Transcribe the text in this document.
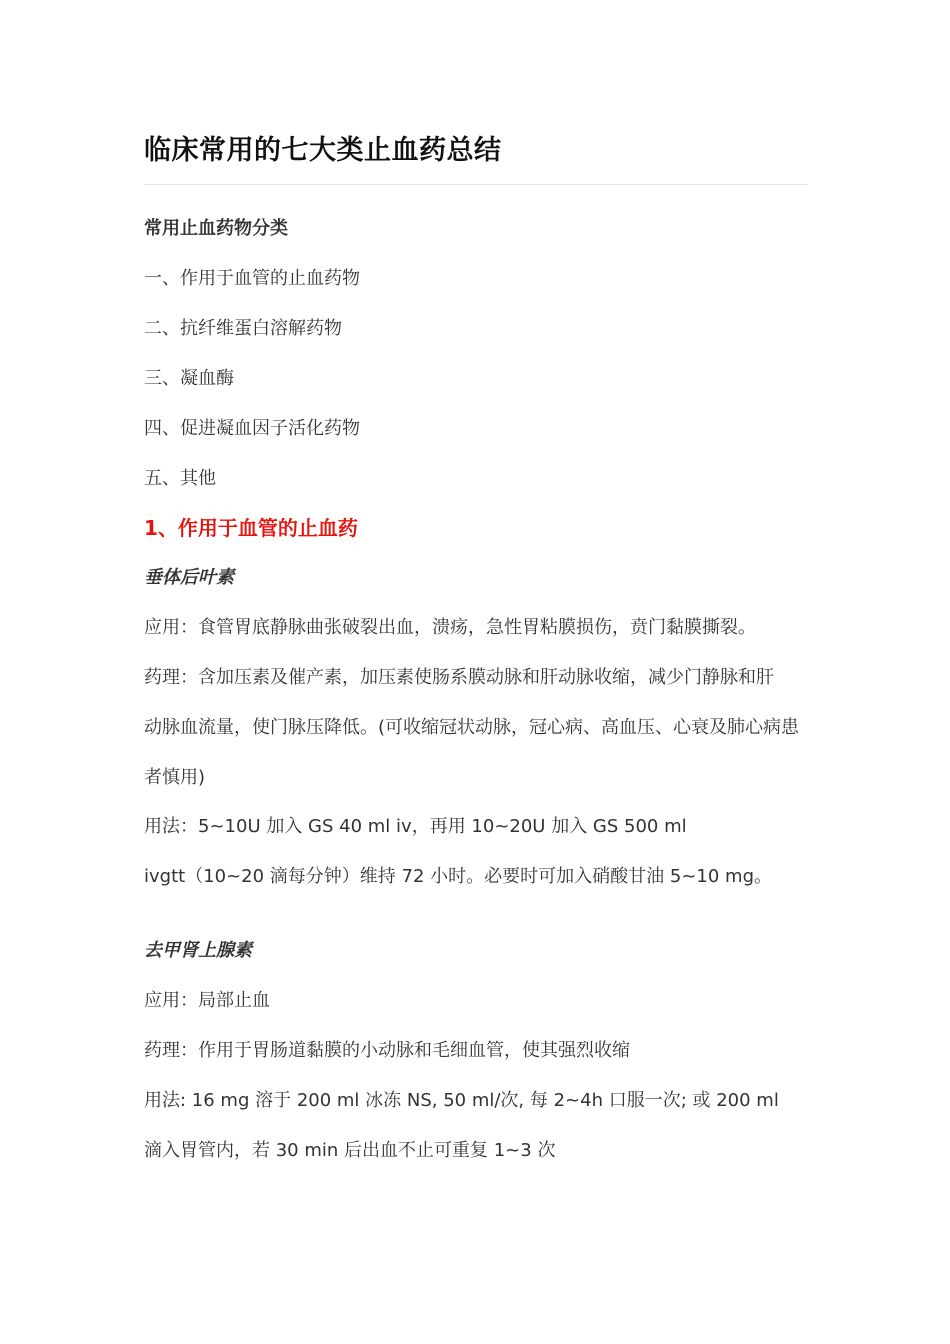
临床常用的七大类止血药总结
常用止血药物分类
一、作用于血管的止血药物
二、抗纤维蛋白溶解药物
三、凝血酶
四、促进凝血因子活化药物
五、其他
1、作用于血管的止血药
垂体后叶素
应用：食管胃底静脉曲张破裂出血，溃疡，急性胃粘膜损伤，贲门黏膜撕裂。
药理：含加压素及催产素，加压素使肠系膜动脉和肝动脉收缩，减少门静脉和肝
动脉血流量，使门脉压降低。(可收缩冠状动脉，冠心病、高血压、心衰及肺心病患
者慎用)
用法：5~10U 加入 GS 40 ml iv，再用 10~20U 加入 GS 500 ml
ivgtt（10~20 滴每分钟）维持 72 小时。必要时可加入硝酸甘油 5~10 mg。
去甲肾上腺素
应用：局部止血
药理：作用于胃肠道黏膜的小动脉和毛细血管，使其强烈收缩
用法: 16 mg 溶于 200 ml 冰冻 NS, 50 ml/次, 每 2~4h 口服一次; 或 200 ml
滴入胃管内，若 30 min 后出血不止可重复 1~3 次
